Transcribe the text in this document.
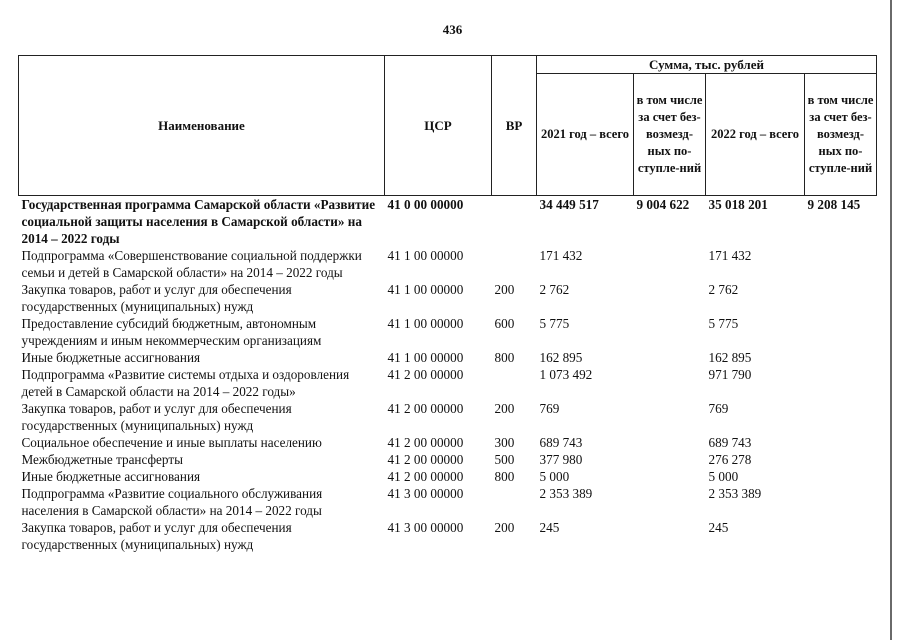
436
Наименование	ЦСР	ВР	Сумма, тыс. рублей			
			2021 год – всего	в том числе за счет без-возмезд-ных по-ступле-ний	2022 год – всего	в том числе за счет без-возмезд-ных по-ступле-ний
Государственная программа Самарской области «Развитие социальной защиты населения в Самарской области» на 2014 – 2022 годы	41 0 00 00000		34 449 517	9 004 622	35 018 201	9 208 145
Подпрограмма «Совершенствование социальной поддержки семьи и детей в Самарской области» на 2014 – 2022 годы	41 1 00 00000		171 432		171 432	
Закупка товаров, работ и услуг для обеспечения государственных (муниципальных) нужд	41 1 00 00000	200	2 762		2 762	
Предоставление субсидий бюджетным, автономным учреждениям и иным некоммерческим организациям	41 1 00 00000	600	5 775		5 775	
Иные бюджетные ассигнования	41 1 00 00000	800	162 895		162 895	
Подпрограмма «Развитие системы отдыха и оздоровления детей в Самарской области на 2014 – 2022 годы»	41 2 00 00000		1 073 492		971 790	
Закупка товаров, работ и услуг для обеспечения государственных (муниципальных) нужд	41 2 00 00000	200	769		769	
Социальное обеспечение и иные выплаты населению	41 2 00 00000	300	689 743		689 743	
Межбюджетные трансферты	41 2 00 00000	500	377 980		276 278	
Иные бюджетные ассигнования	41 2 00 00000	800	5 000		5 000	
Подпрограмма «Развитие социального обслуживания населения в Самарской области» на 2014 – 2022 годы	41 3 00 00000		2 353 389		2 353 389	
Закупка товаров, работ и услуг для обеспечения государственных (муниципальных) нужд	41 3 00 00000	200	245		245	
